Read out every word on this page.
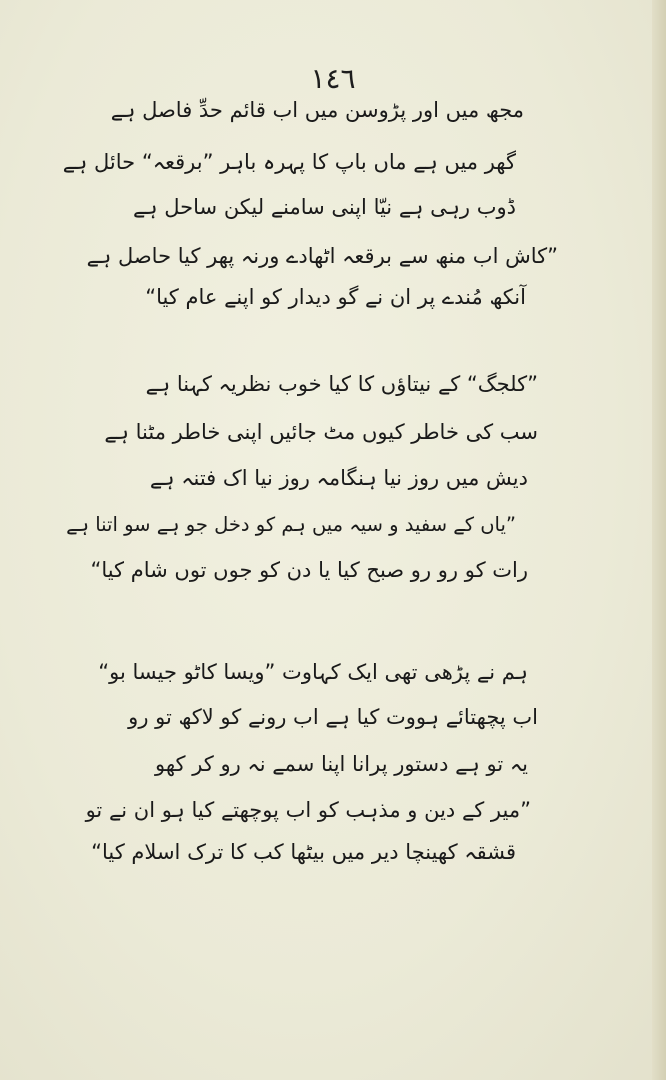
١٤٦
مجھ میں اور پڑوسن میں اب قائم حدِّ فاصل ہے
گھر میں ہے ماں باپ کا پہرہ باہر ”برقعہ“ حائل ہے
ڈوب رہی ہے نیّا اپنی سامنے لیکن ساحل ہے
”کاش اب منھ سے برقعہ اٹھادے ورنہ پھر کیا حاصل ہے
آنکھ مُندے پر ان نے گو دیدار کو اپنے عام کیا“
”کلجگ“ کے نیتاؤں کا کیا خوب نظریہ کہنا ہے
سب کی خاطر کیوں مٹ جائیں اپنی خاطر مٹنا ہے
دیش میں روز نیا ہنگامہ روز نیا اک فتنہ ہے
”یاں کے سفید و سیہ میں ہم کو دخل جو ہے سو اتنا ہے
رات کو رو رو صبح کیا یا دن کو جوں توں شام کیا“
ہم نے پڑھی تھی ایک کہاوت ”ویسا کاٹو جیسا بو“
اب پچھتائے ہووت کیا ہے اب رونے کو لاکھ تو رو
یہ تو ہے دستور پرانا اپنا سمے نہ رو کر کھو
”میر کے دین و مذہب کو اب پوچھتے کیا ہو ان نے تو
قشقہ کھینچا دیر میں بیٹھا کب کا ترک اسلام کیا“
